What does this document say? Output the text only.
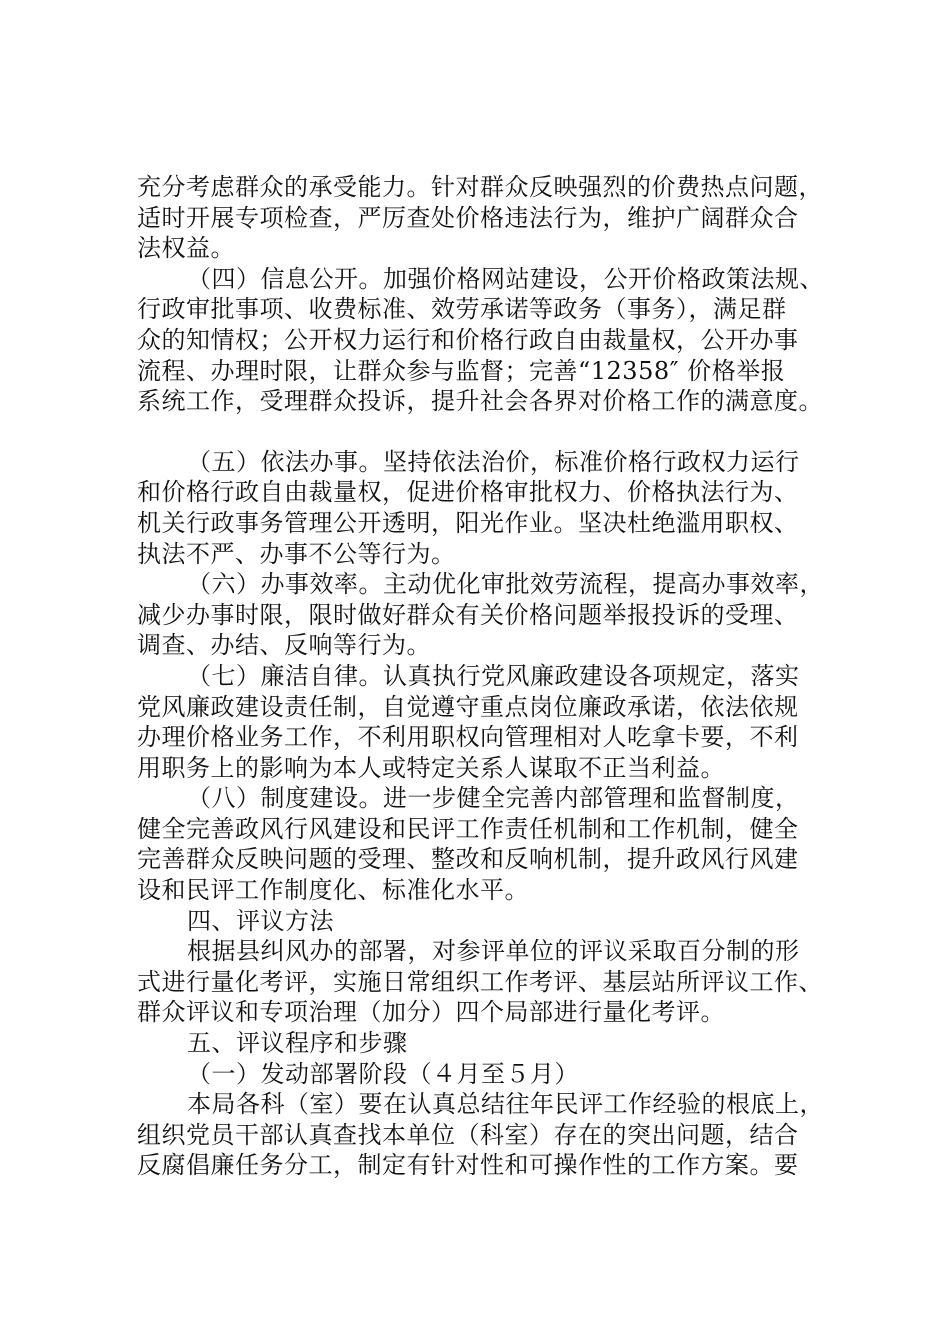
充分考虑群众的承受能力。针对群众反映强烈的价费热点问题，
适时开展专项检查，严厉查处价格违法行为，维护广阔群众合
法权益。
（四）信息公开。加强价格网站建设，公开价格政策法规、
行政审批事项、收费标准、效劳承诺等政务（事务），满足群
众的知情权；公开权力运行和价格行政自由裁量权，公开办事
流程、办理时限，让群众参与监督；完善“12358″ 价格举报
系统工作，受理群众投诉，提升社会各界对价格工作的满意度。
（五）依法办事。坚持依法治价，标准价格行政权力运行
和价格行政自由裁量权，促进价格审批权力、价格执法行为、
机关行政事务管理公开透明，阳光作业。坚决杜绝滥用职权、
执法不严、办事不公等行为。
（六）办事效率。主动优化审批效劳流程，提高办事效率，
减少办事时限，限时做好群众有关价格问题举报投诉的受理、
调查、办结、反响等行为。
（七）廉洁自律。认真执行党风廉政建设各项规定，落实
党风廉政建设责任制，自觉遵守重点岗位廉政承诺，依法依规
办理价格业务工作，不利用职权向管理相对人吃拿卡要，不利
用职务上的影响为本人或特定关系人谋取不正当利益。
（八）制度建设。进一步健全完善内部管理和监督制度，
健全完善政风行风建设和民评工作责任机制和工作机制，健全
完善群众反映问题的受理、整改和反响机制，提升政风行风建
设和民评工作制度化、标准化水平。
四、评议方法
根据县纠风办的部署，对参评单位的评议采取百分制的形
式进行量化考评，实施日常组织工作考评、基层站所评议工作、
群众评议和专项治理（加分）四个局部进行量化考评。
五、评议程序和步骤
（一）发动部署阶段（４月至５月）
本局各科（室）要在认真总结往年民评工作经验的根底上，
组织党员干部认真查找本单位（科室）存在的突出问题，结合
反腐倡廉任务分工，制定有针对性和可操作性的工作方案。要
